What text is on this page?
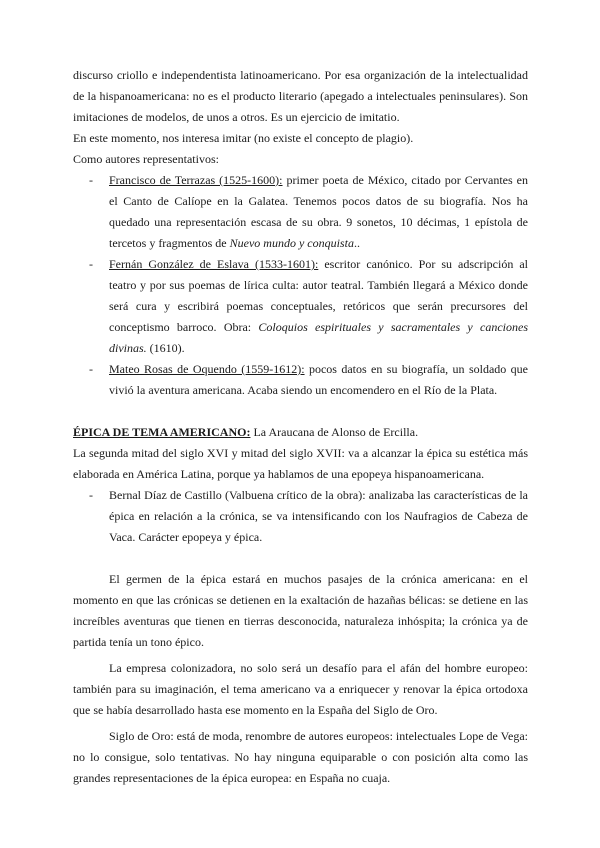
discurso criollo e independentista latinoamericano. Por esa organización de la intelectualidad de la hispanoamericana: no es el producto literario (apegado a intelectuales peninsulares). Son imitaciones de modelos, de unos a otros. Es un ejercicio de imitatio.

En este momento, nos interesa imitar (no existe el concepto de plagio).

Como autores representativos:

- Francisco de Terrazas (1525-1600): primer poeta de México, citado por Cervantes en el Canto de Calíope en la Galatea. Tenemos pocos datos de su biografía. Nos ha quedado una representación escasa de su obra. 9 sonetos, 10 décimas, 1 epístola de tercetos y fragmentos de Nuevo mundo y conquista..
- Fernán González de Eslava (1533-1601): escritor canónico. Por su adscripción al teatro y por sus poemas de lírica culta: autor teatral. También llegará a México donde será cura y escribirá poemas conceptuales, retóricos que serán precursores del conceptismo barroco. Obra: Coloquios espirituales y sacramentales y canciones divinas. (1610).
- Mateo Rosas de Oquendo (1559-1612): pocos datos en su biografía, un soldado que vivió la aventura americana. Acaba siendo un encomendero en el Río de la Plata.

ÉPICA DE TEMA AMERICANO: La Araucana de Alonso de Ercilla.

La segunda mitad del siglo XVI y mitad del siglo XVII: va a alcanzar la épica su estética más elaborada en América Latina, porque ya hablamos de una epopeya hispanoamericana.

- Bernal Díaz de Castillo (Valbuena crítico de la obra): analizaba las características de la épica en relación a la crónica, se va intensificando con los Naufragios de Cabeza de Vaca. Carácter epopeya y épica.

El germen de la épica estará en muchos pasajes de la crónica americana: en el momento en que las crónicas se detienen en la exaltación de hazañas bélicas: se detiene en las increíbles aventuras que tienen en tierras desconocida, naturaleza inhóspita; la crónica ya de partida tenía un tono épico.

La empresa colonizadora, no solo será un desafío para el afán del hombre europeo: también para su imaginación, el tema americano va a enriquecer y renovar la épica ortodoxa que se había desarrollado hasta ese momento en la España del Siglo de Oro.

Siglo de Oro: está de moda, renombre de autores europeos: intelectuales Lope de Vega: no lo consigue, solo tentativas. No hay ninguna equiparable o con posición alta como las grandes representaciones de la épica europea: en España no cuaja.
